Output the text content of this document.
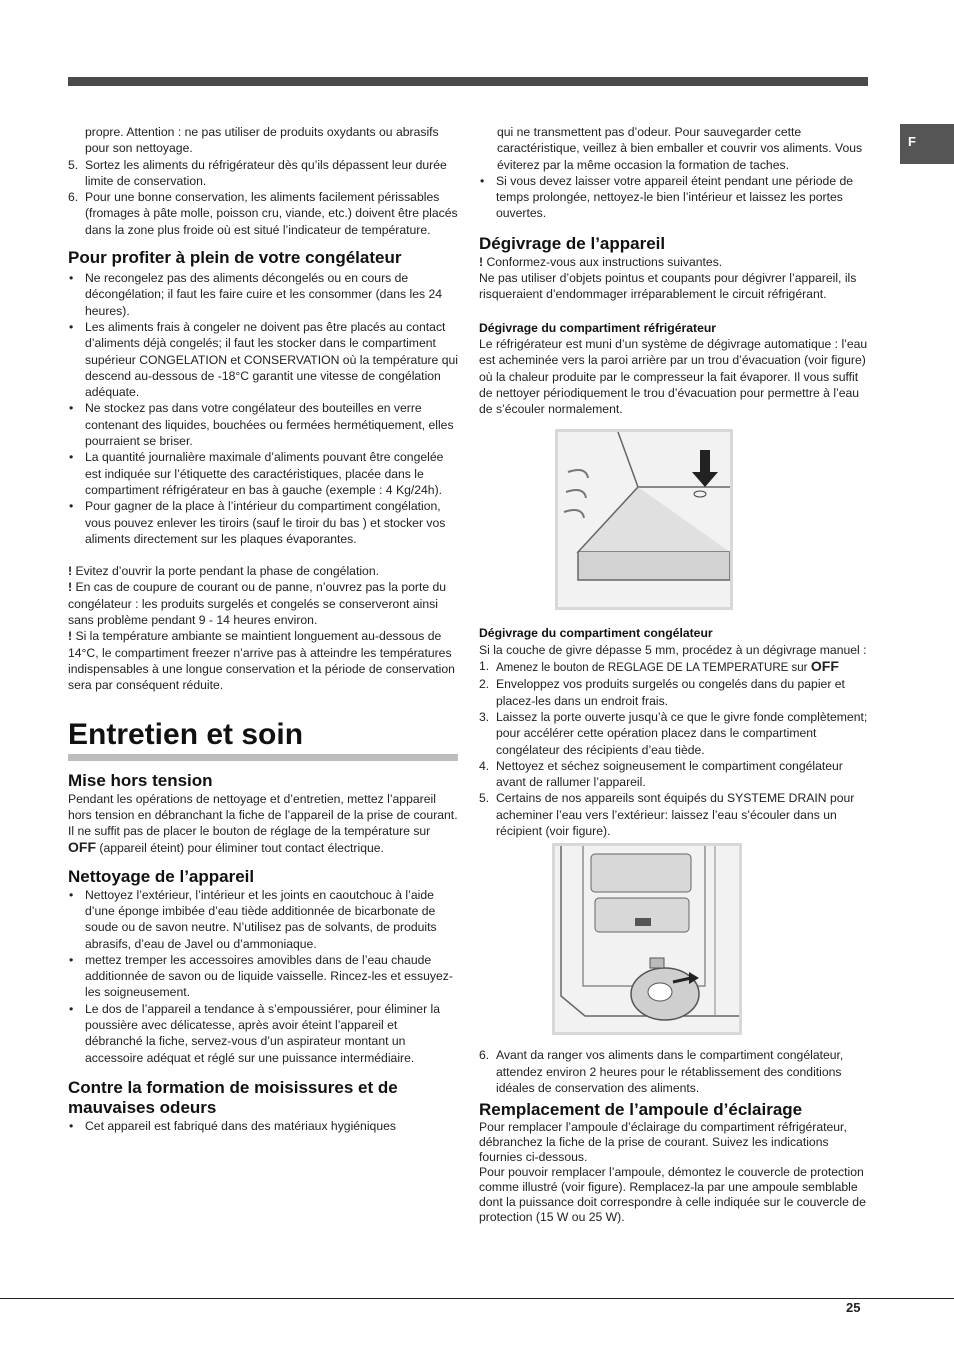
F

propre. Attention : ne pas utiliser de produits oxydants ou abrasifs pour son nettoyage.

5. Sortez les aliments du réfrigérateur dès qu’ils dépassent leur durée limite de conservation.
6. Pour une bonne conservation, les aliments facilement périssables (fromages à pâte molle, poisson cru, viande, etc.) doivent être placés dans la zone plus froide où est situé l’indicateur de température.
Pour profiter à plein de votre congélateur
• Ne recongelez pas des aliments décongelés ou en cours de décongélation; il faut les faire cuire et les consommer (dans les 24 heures).
• Les aliments frais à congeler ne doivent pas être placés au contact d’aliments déjà congelés; il faut les stocker dans le compartiment supérieur CONGELATION et CONSERVATION où la température qui descend au-dessous de -18°C garantit une vitesse de congélation adéquate.
• Ne stockez pas dans votre congélateur des bouteilles en verre contenant des liquides, bouchées ou fermées hermétiquement, elles pourraient se briser.
• La quantité journalière maximale d’aliments pouvant être congelée est indiquée sur l’étiquette des caractéristiques, placée dans le compartiment réfrigérateur en bas à gauche (exemple : 4 Kg/24h).
• Pour gagner de la place à l’intérieur du compartiment congélation, vous pouvez enlever les tiroirs (sauf le tiroir du bas ) et stocker vos aliments directement sur les plaques évaporantes.

! Evitez d’ouvrir la porte pendant la phase de congélation.

! En cas de coupure de courant ou de panne, n’ouvrez pas la porte du congélateur : les produits surgelés et congelés se conserveront ainsi sans problème pendant 9 - 14 heures environ.

! Si la température ambiante se maintient longuement au-dessous de 14°C, le compartiment freezer n’arrive pas à atteindre les températures indispensables à une longue conservation et la période de conservation sera par conséquent réduite.

Entretien et soin
Mise hors tension

Pendant les opérations de nettoyage et d’entretien, mettez l’appareil hors tension en débranchant la fiche de l’appareil de la prise de courant. Il ne suffit pas de placer le bouton de réglage de la température sur OFF (appareil éteint) pour éliminer tout contact électrique.

Nettoyage de l’appareil
• Nettoyez l’extérieur, l’intérieur et les joints en caoutchouc à l’aide d’une éponge imbibée d’eau tiède additionnée de bicarbonate de soude ou de savon neutre. N’utilisez pas de solvants, de produits abrasifs, d’eau de Javel ou d’ammoniaque.
• mettez tremper les accessoires amovibles dans de l’eau chaude additionnée de savon ou de liquide vaisselle. Rincez-les et essuyez-les soigneusement.
• Le dos de l’appareil a tendance à s’empoussiérer, pour éliminer la poussière avec délicatesse, après avoir éteint l’appareil et débranché la fiche, servez-vous d’un aspirateur montant un accessoire adéquat et réglé sur une puissance intermédiaire.
Contre la formation de moisissures et de mauvaises odeurs
• Cet appareil est fabriqué dans des matériaux hygiéniques

qui ne transmettent pas d’odeur. Pour sauvegarder cette caractéristique, veillez à bien emballer et couvrir vos aliments. Vous éviterez par la même occasion la formation de taches.

• Si vous devez laisser votre appareil éteint pendant une période de temps prolongée, nettoyez-le bien l’intérieur et laissez les portes ouvertes.
Dégivrage de l’appareil

! Conformez-vous aux instructions suivantes.

Ne pas utiliser d’objets pointus et coupants pour dégivrer l’appareil, ils risqueraient d’endommager irréparablement le circuit réfrigérant.

Dégivrage du compartiment réfrigérateur

Le réfrigérateur est muni d’un système de dégivrage automatique : l’eau est acheminée vers la paroi arrière par un trou d’évacuation (voir figure) où la chaleur produite par le compresseur la fait évaporer. Il vous suffit de nettoyer périodiquement le trou d’évacuation pour permettre à l’eau de s’écouler normalement.

Dégivrage du compartiment congélateur

Si la couche de givre dépasse 5 mm, procédez à un dégivrage manuel :

1. Amenez le bouton de REGLAGE DE LA TEMPERATURE sur OFF
2. Enveloppez vos produits surgelés ou congelés dans du papier et placez-les dans un endroit frais.
3. Laissez la porte ouverte jusqu’à ce que le givre fonde complètement; pour accélérer cette opération placez dans le compartiment congélateur des récipients d’eau tiède.
4. Nettoyez et séchez soigneusement le compartiment congélateur avant de rallumer l’appareil.
5. Certains de nos appareils sont équipés du SYSTEME DRAIN pour acheminer l’eau vers l’extérieur: laissez l’eau s’écouler dans un récipient (voir figure).
6. Avant da ranger vos aliments dans le compartiment congélateur, attendez environ 2 heures pour le rétablissement des conditions idéales de conservation des aliments.
Remplacement de l’ampoule d’éclairage

Pour remplacer l’ampoule d’éclairage du compartiment réfrigérateur, débranchez la fiche de la prise de courant. Suivez les indications fournies ci-dessous.

Pour pouvoir remplacer l’ampoule, démontez le couvercle de protection comme illustré (voir figure). Remplacez-la par une ampoule semblable dont la puissance doit correspondre à celle indiquée sur le couvercle de protection (15 W ou 25 W).

25
